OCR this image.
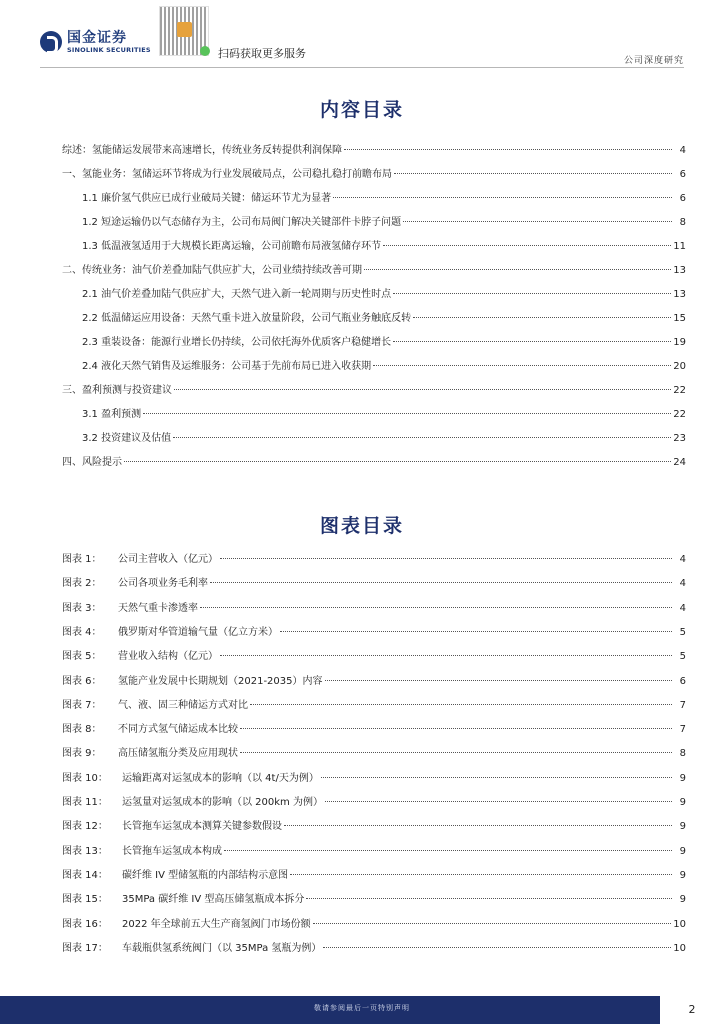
国金证券
SINOLINK SECURITIES	扫码获取更多服务
公司深度研究
内容目录
综述：氢能储运发展带来高速增长，传统业务反转提供利润保障	4
一、氢能业务：氢储运环节将成为行业发展破局点，公司稳扎稳打前瞻布局	6
1.1 廉价氢气供应已成行业破局关键：储运环节尤为显著	6
1.2 短途运输仍以气态储存为主，公司布局阀门解决关键部件卡脖子问题	8
1.3 低温液氢适用于大规模长距离运输，公司前瞻布局液氢储存环节	11
二、传统业务：油气价差叠加陆气供应扩大，公司业绩持续改善可期	13
2.1 油气价差叠加陆气供应扩大，天然气进入新一轮周期与历史性时点	13
2.2 低温储运应用设备：天然气重卡进入放量阶段，公司气瓶业务触底反转	15
2.3 重装设备：能源行业增长仍持续，公司依托海外优质客户稳健增长	19
2.4 液化天然气销售及运维服务：公司基于先前布局已进入收获期	20
三、盈利预测与投资建议	22
3.1 盈利预测	22
3.2 投资建议及估值	23
四、风险提示	24
图表目录
图表 1：	公司主营收入（亿元）	4
图表 2：	公司各项业务毛利率	4
图表 3：	天然气重卡渗透率	4
图表 4：	俄罗斯对华管道输气量（亿立方米）	5
图表 5：	营业收入结构（亿元）	5
图表 6：	氢能产业发展中长期规划（2021-2035）内容	6
图表 7：	气、液、固三种储运方式对比	7
图表 8：	不同方式氢气储运成本比较	7
图表 9：	高压储氢瓶分类及应用现状	8
图表 10：	运输距离对运氢成本的影响（以 4t/天为例）	9
图表 11：	运氢量对运氢成本的影响（以 200km 为例）	9
图表 12：	长管拖车运氢成本测算关键参数假设	9
图表 13：	长管拖车运氢成本构成	9
图表 14：	碳纤维 IV 型储氢瓶的内部结构示意图	9
图表 15：	35MPa 碳纤维 IV 型高压储氢瓶成本拆分	9
图表 16：	2022 年全球前五大生产商氢阀门市场份额	10
图表 17：	车载瓶供氢系统阀门（以 35MPa 氢瓶为例）	10
敬请参阅最后一页特别声明	2
